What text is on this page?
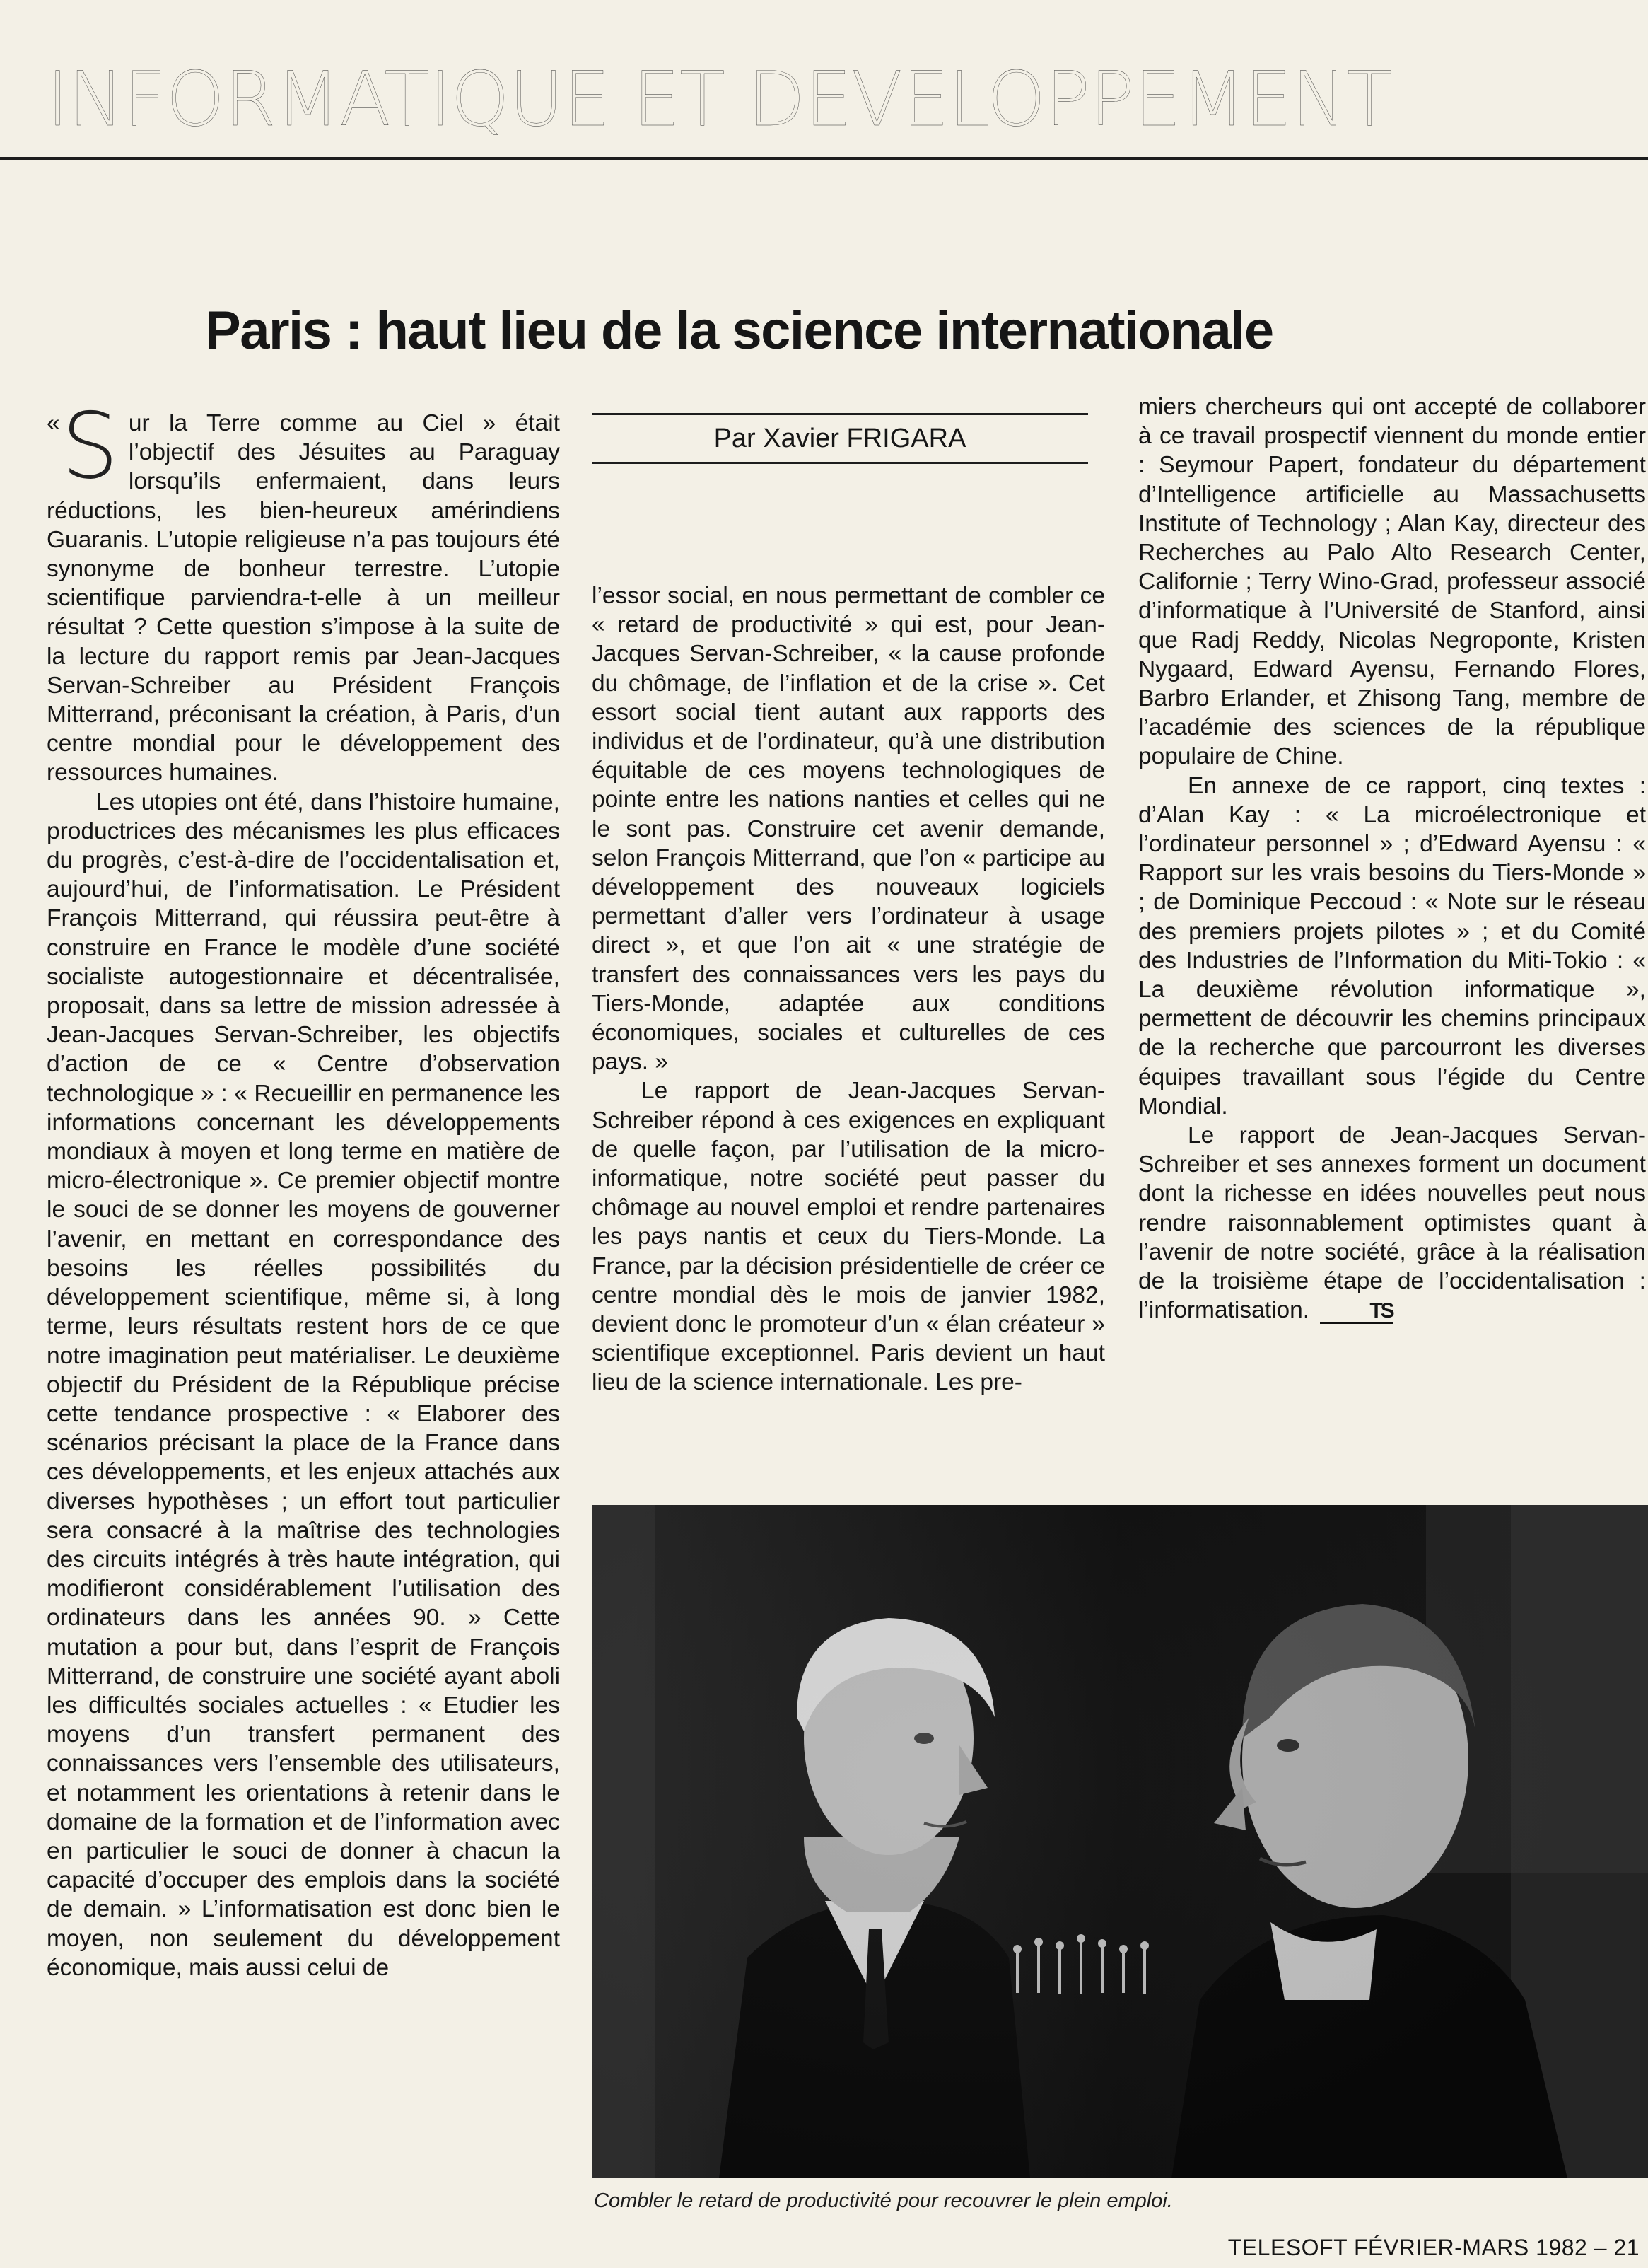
INFORMATIQUE ET DEVELOPPEMENT
Paris : haut lieu de la science internationale
Par Xavier FRIGARA

« S ur la Terre comme au Ciel » était l’objectif des Jésuites au Paraguay lorsqu’ils enfermaient, dans leurs réductions, les bien-heureux amérindiens Guaranis. L’utopie religieuse n’a pas toujours été synonyme de bonheur terrestre. L’utopie scientifique parviendra-t-elle à un meilleur résultat ? Cette question s’impose à la suite de la lecture du rapport remis par Jean-Jacques Servan-Schreiber au Président François Mitterrand, préconisant la création, à Paris, d’un centre mondial pour le développement des ressources humaines.

Les utopies ont été, dans l’histoire humaine, productrices des mécanismes les plus efficaces du progrès, c’est-à-dire de l’occidentalisation et, aujourd’hui, de l’informatisation. Le Président François Mitterrand, qui réussira peut-être à construire en France le modèle d’une société socialiste autogestionnaire et décentralisée, proposait, dans sa lettre de mission adressée à Jean-Jacques Servan-Schreiber, les objectifs d’action de ce « Centre d’observation technologique » : « Recueillir en permanence les informations concernant les développements mondiaux à moyen et long terme en matière de micro-électronique ». Ce premier objectif montre le souci de se donner les moyens de gouverner l’avenir, en mettant en correspondance des besoins les réelles possibilités du développement scientifique, même si, à long terme, leurs résultats restent hors de ce que notre imagination peut matérialiser. Le deuxième objectif du Président de la République précise cette tendance prospective : « Elaborer des scénarios précisant la place de la France dans ces développements, et les enjeux attachés aux diverses hypothèses ; un effort tout particulier sera consacré à la maîtrise des technologies des circuits intégrés à très haute intégration, qui modifieront considérablement l’utilisation des ordinateurs dans les années 90. » Cette mutation a pour but, dans l’esprit de François Mitterrand, de construire une société ayant aboli les difficultés sociales actuelles : « Etudier les moyens d’un transfert permanent des connaissances vers l’ensemble des utilisateurs, et notamment les orientations à retenir dans le domaine de la formation et de l’information avec en particulier le souci de donner à chacun la capacité d’occuper des emplois dans la société de demain. » L’informatisation est donc bien le moyen, non seulement du développement économique, mais aussi celui de

l’essor social, en nous permettant de combler ce « retard de productivité » qui est, pour Jean-Jacques Servan-Schreiber, « la cause profonde du chômage, de l’inflation et de la crise ». Cet essort social tient autant aux rapports des individus et de l’ordinateur, qu’à une distribution équitable de ces moyens technologiques de pointe entre les nations nanties et celles qui ne le sont pas. Construire cet avenir demande, selon François Mitterrand, que l’on « participe au développement des nouveaux logiciels permettant d’aller vers l’ordinateur à usage direct », et que l’on ait « une stratégie de transfert des connaissances vers les pays du Tiers-Monde, adaptée aux conditions économiques, sociales et culturelles de ces pays. »

Le rapport de Jean-Jacques Servan-Schreiber répond à ces exigences en expliquant de quelle façon, par l’utilisation de la micro-informatique, notre société peut passer du chômage au nouvel emploi et rendre partenaires les pays nantis et ceux du Tiers-Monde. La France, par la décision présidentielle de créer ce centre mondial dès le mois de janvier 1982, devient donc le promoteur d’un « élan créateur » scientifique exceptionnel. Paris devient un haut lieu de la science internationale. Les pre-

miers chercheurs qui ont accepté de collaborer à ce travail prospectif viennent du monde entier : Seymour Papert, fondateur du département d’Intelligence artificielle au Massachusetts Institute of Technology ; Alan Kay, directeur des Recherches au Palo Alto Research Center, Californie ; Terry Wino-Grad, professeur associé d’informatique à l’Université de Stanford, ainsi que Radj Reddy, Nicolas Negroponte, Kristen Nygaard, Edward Ayensu, Fernando Flores, Barbro Erlander, et Zhisong Tang, membre de l’académie des sciences de la république populaire de Chine.

En annexe de ce rapport, cinq textes : d’Alan Kay : « La microélectronique et l’ordinateur personnel » ; d’Edward Ayensu : « Rapport sur les vrais besoins du Tiers-Monde » ; de Dominique Peccoud : « Note sur le réseau des premiers projets pilotes » ; et du Comité des Industries de l’Information du Miti-Tokio : « La deuxième révolution informatique », permettent de découvrir les chemins principaux de la recherche que parcourront les diverses équipes travaillant sous l’égide du Centre Mondial.

Le rapport de Jean-Jacques Servan-Schreiber et ses annexes forment un document dont la richesse en idées nouvelles peut nous rendre raisonnablement optimistes quant à l’avenir de notre société, grâce à la réalisation de la troisième étape de l’occidentalisation : l’informatisation.	TS

Combler le retard de productivité pour recouvrer le plein emploi.
TELESOFT FÉVRIER-MARS 1982 – 21
